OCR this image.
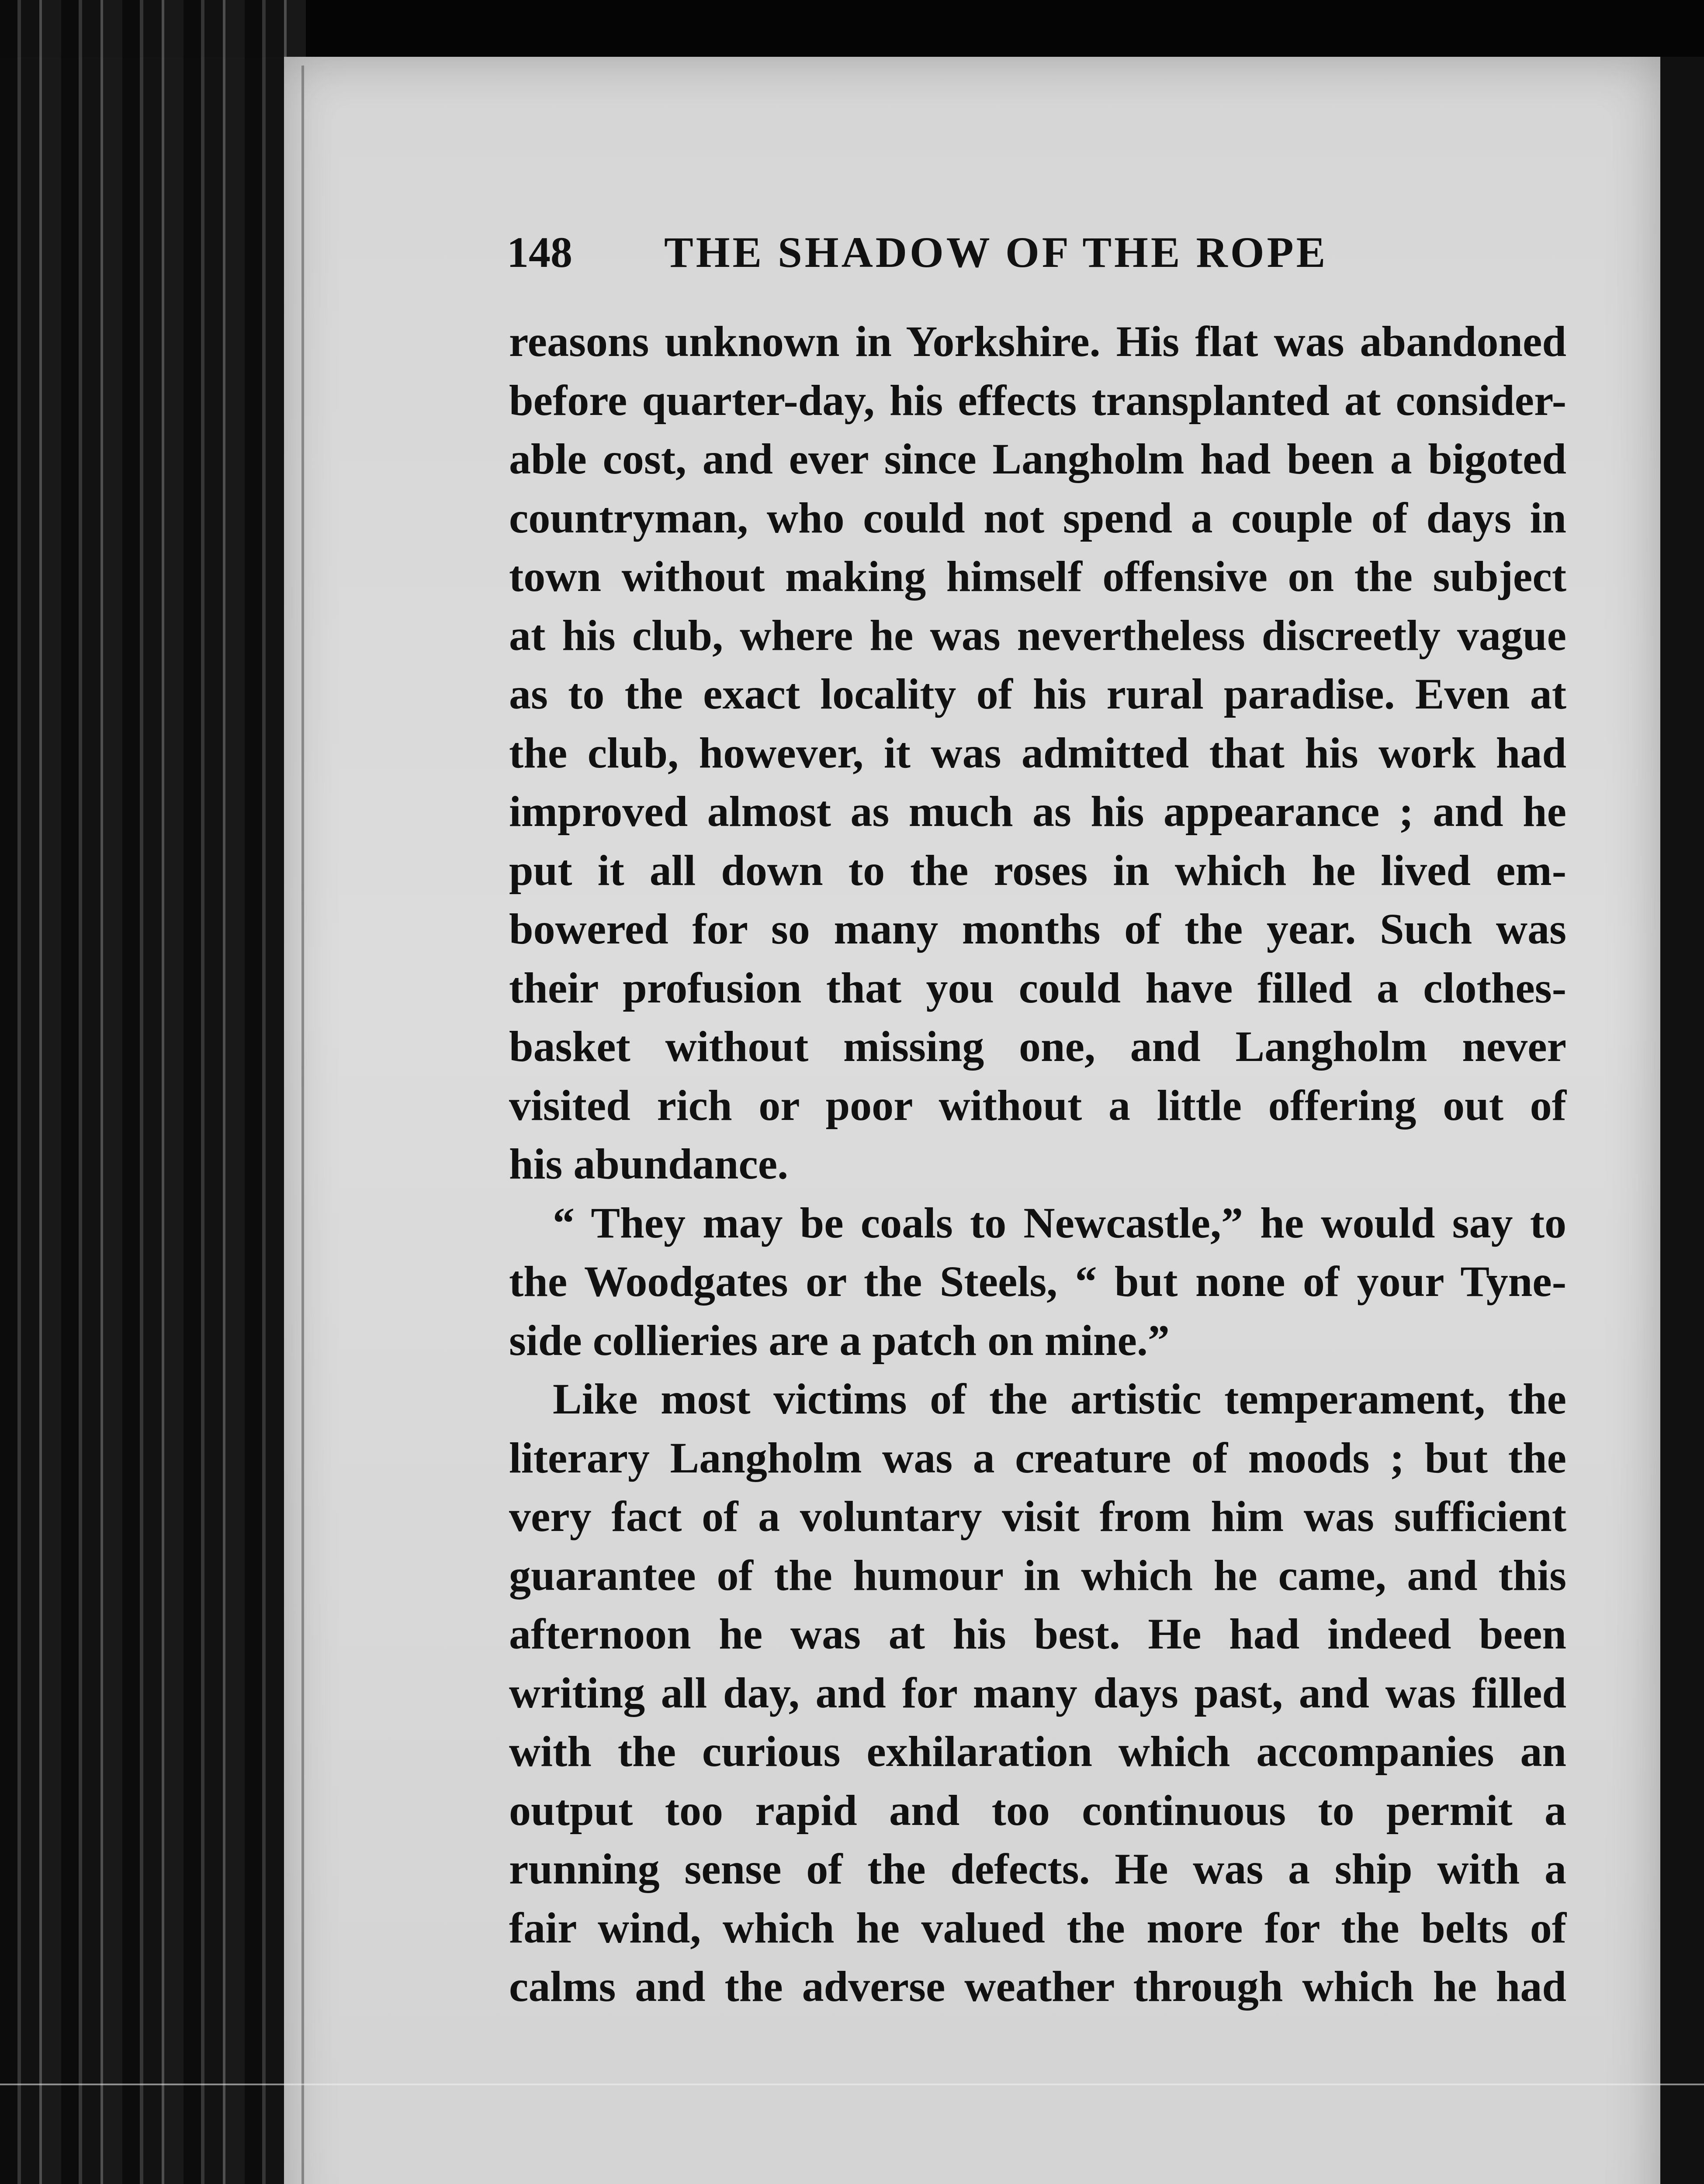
148 THE SHADOW OF THE ROPE
reasons unknown in Yorkshire. His flat was abandoned
before quarter-day, his effects transplanted at consider-
able cost, and ever since Langholm had been a bigoted
countryman, who could not spend a couple of days in
town without making himself offensive on the subject
at his club, where he was nevertheless discreetly vague
as to the exact locality of his rural paradise. Even at
the club, however, it was admitted that his work had
improved almost as much as his appearance ; and he
put it all down to the roses in which he lived em-
bowered for so many months of the year. Such was
their profusion that you could have filled a clothes-
basket without missing one, and Langholm never
visited rich or poor without a little offering out of
his abundance.
“ They may be coals to Newcastle,” he would say to
the Woodgates or the Steels, “ but none of your Tyne-
side collieries are a patch on mine.”
Like most victims of the artistic temperament, the
literary Langholm was a creature of moods ; but the
very fact of a voluntary visit from him was sufficient
guarantee of the humour in which he came, and this
afternoon he was at his best. He had indeed been
writing all day, and for many days past, and was filled
with the curious exhilaration which accompanies an
output too rapid and too continuous to permit a
running sense of the defects. He was a ship with a
fair wind, which he valued the more for the belts of
calms and the adverse weather through which he had
